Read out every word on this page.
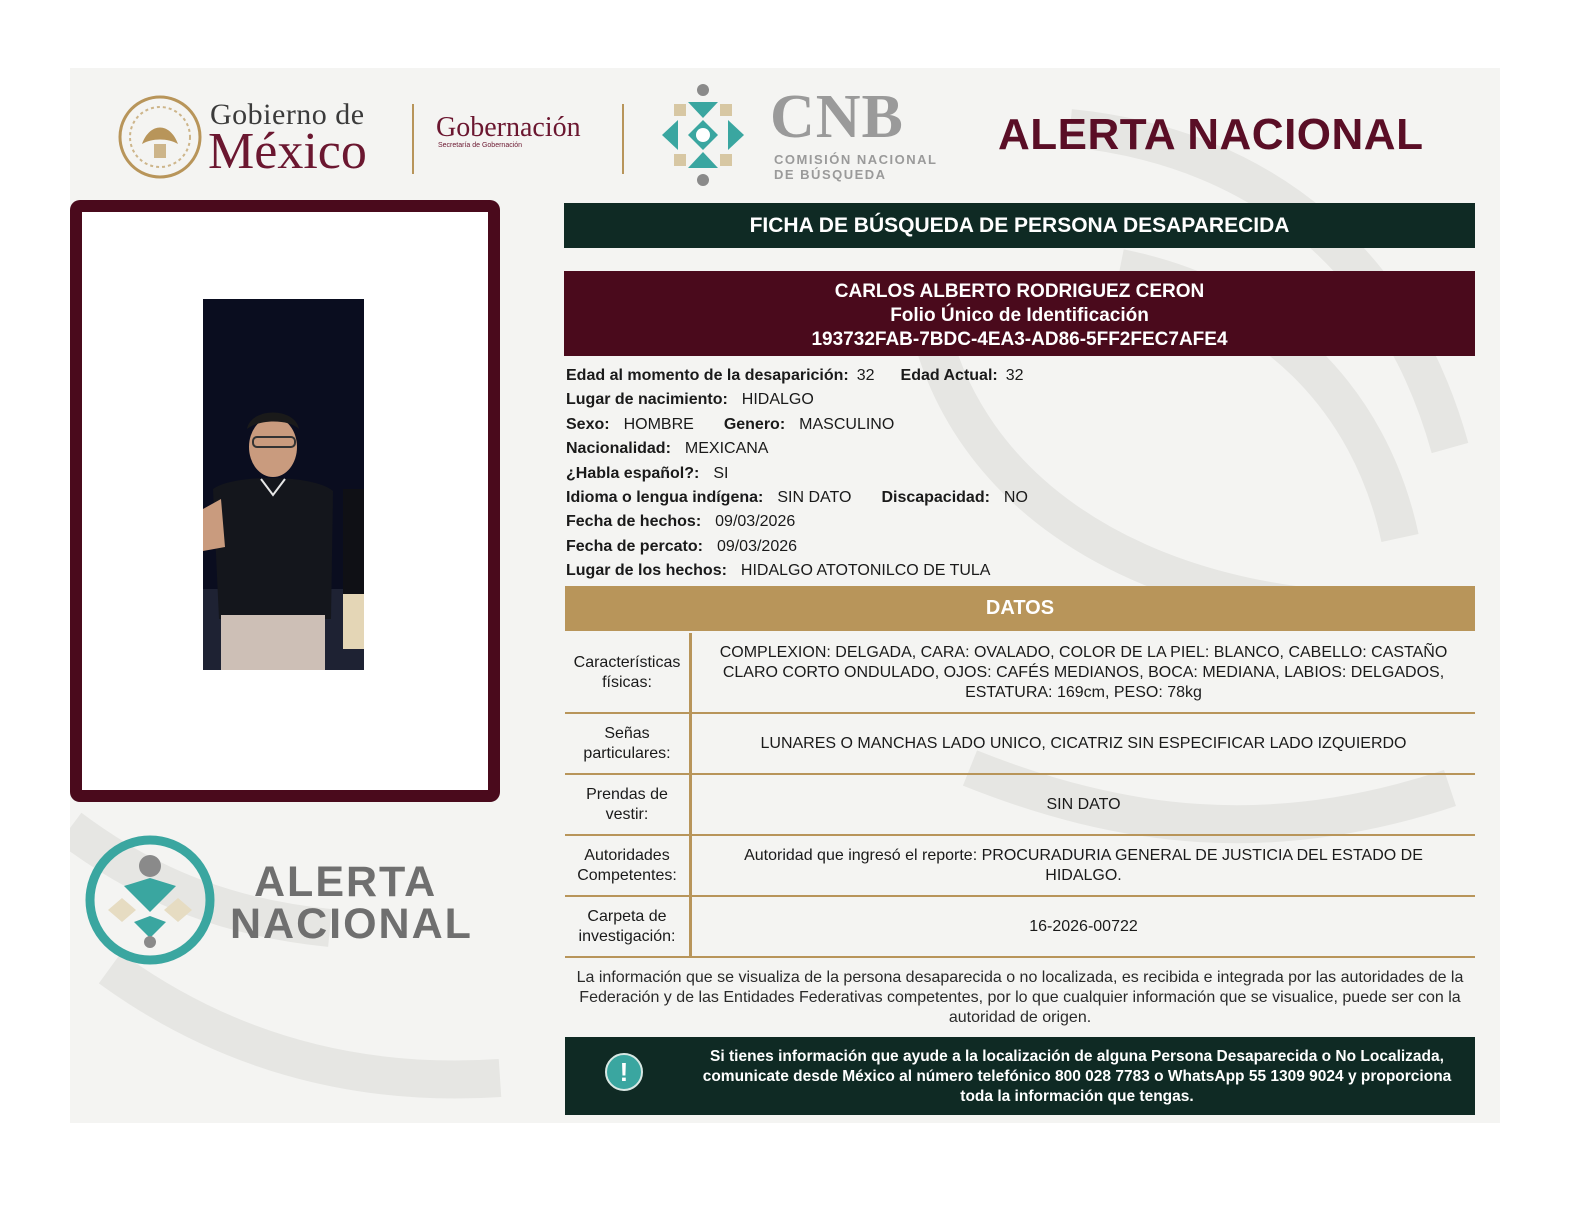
Gobierno de
México Gobernación
Secretaría de Gobernación	CNB
COMISIÓN NACIONAL
DE BÚSQUEDA
ALERTA NACIONAL
ALERTA
NACIONAL
FICHA DE BÚSQUEDA DE PERSONA DESAPARECIDA
CARLOS ALBERTO RODRIGUEZ CERON
Folio Único de Identificación
193732FAB-7BDC-4EA3-AD86-5FF2FEC7AFE4
Edad al momento de la desaparición: 32 Edad Actual: 32
Lugar de nacimiento: HIDALGO
Sexo: HOMBRE Genero: MASCULINO
Nacionalidad: MEXICANA
¿Habla español?: SI
Idioma o lengua indígena: SIN DATO Discapacidad: NO
Fecha de hechos: 09/03/2026
Fecha de percato: 09/03/2026
Lugar de los hechos: HIDALGO ATOTONILCO DE TULA
DATOS
Características físicas:
COMPLEXION: DELGADA, CARA: OVALADO, COLOR DE LA PIEL: BLANCO, CABELLO: CASTAÑO CLARO CORTO ONDULADO, OJOS: CAFÉS MEDIANOS, BOCA: MEDIANA, LABIOS: DELGADOS, ESTATURA: 169cm, PESO: 78kg
Señas particulares:
LUNARES O MANCHAS LADO UNICO, CICATRIZ SIN ESPECIFICAR LADO IZQUIERDO
Prendas de vestir:
SIN DATO
Autoridades Competentes:
Autoridad que ingresó el reporte: PROCURADURIA GENERAL DE JUSTICIA DEL ESTADO DE HIDALGO.
Carpeta de investigación:
16-2026-00722
La información que se visualiza de la persona desaparecida o no localizada, es recibida e integrada por las autoridades de la Federación y de las Entidades Federativas competentes, por lo que cualquier información que se visualice, puede ser con la autoridad de origen.
!	Si tienes información que ayude a la localización de alguna Persona Desaparecida o No Localizada, comunicate desde México al número telefónico 800 028 7783 o WhatsApp 55 1309 9024 y proporciona toda la información que tengas.
